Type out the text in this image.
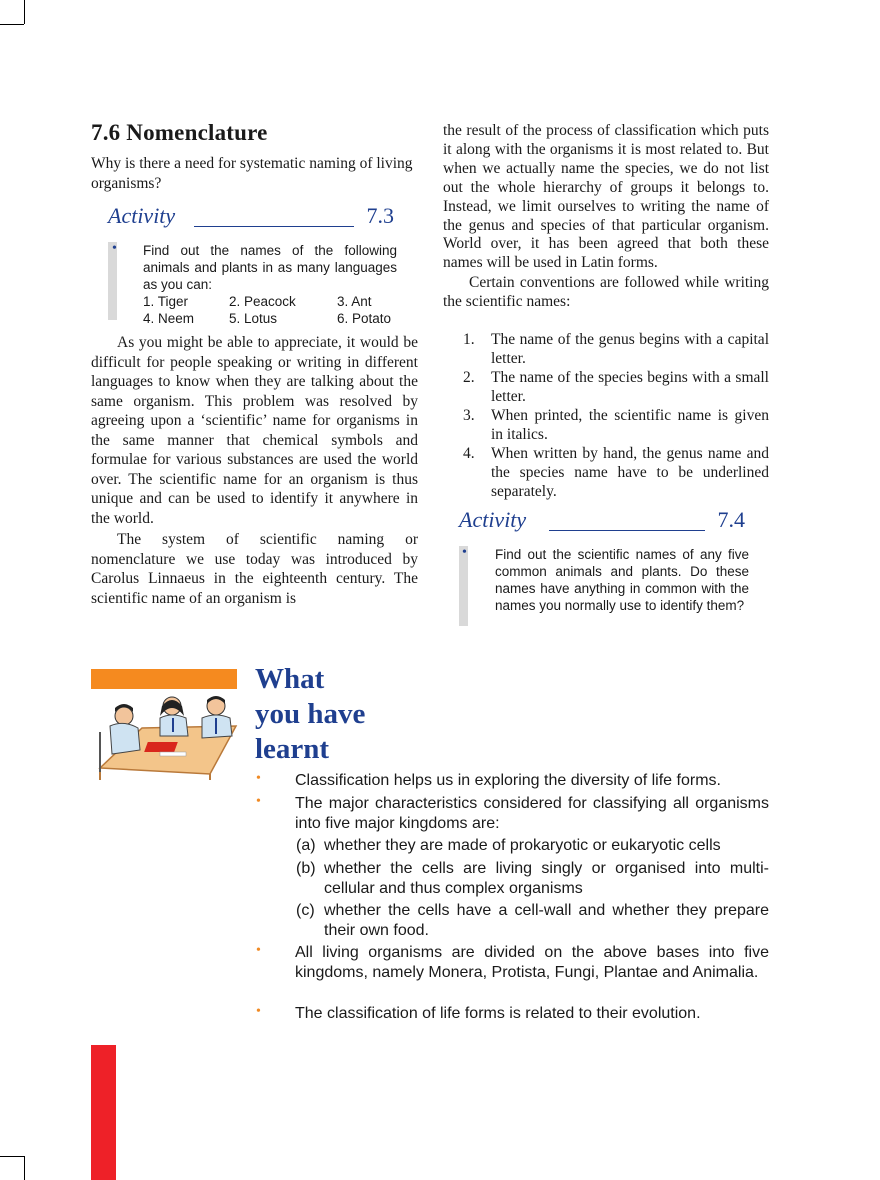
7.6 Nomenclature

Why is there a need for systematic naming of living organisms?

Activity	7.3
• Find out the names of the following animals and plants in as many languages as you can:
1. Tiger	2. Peacock	3. Ant
4. Neem	5. Lotus	6. Potato

As you might be able to appreciate, it would be difficult for people speaking or writing in different languages to know when they are talking about the same organism. This problem was resolved by agreeing upon a ‘scientific’ name for organisms in the same manner that chemical symbols and formulae for various substances are used the world over. The scientific name for an organism is thus unique and can be used to identify it anywhere in the world.

The system of scientific naming or nomenclature we use today was introduced by Carolus Linnaeus in the eighteenth century. The scientific name of an organism is

the result of the process of classification which puts it along with the organisms it is most related to. But when we actually name the species, we do not list out the whole hierarchy of groups it belongs to. Instead, we limit ourselves to writing the name of the genus and species of that particular organism. World over, it has been agreed that both these names will be used in Latin forms.

Certain conventions are followed while writing the scientific names:

1. The name of the genus begins with a capital letter.
2. The name of the species begins with a small letter.
3. When printed, the scientific name is given in italics.
4. When written by hand, the genus name and the species name have to be underlined separately.
Activity	7.4
• Find out the scientific names of any five common animals and plants. Do these names have anything in common with the names you normally use to identify them?
What
you have
learnt
• Classification helps us in exploring the diversity of life forms.
• The major characteristics considered for classifying all organisms into five major kingdoms are:
(a) whether they are made of prokaryotic or eukaryotic cells
(b) whether the cells are living singly or organised into multi-cellular and thus complex organisms
(c) whether the cells have a cell-wall and whether they prepare their own food.
• All living organisms are divided on the above bases into five kingdoms, namely Monera, Protista, Fungi, Plantae and Animalia.
• The classification of life forms is related to their evolution.
